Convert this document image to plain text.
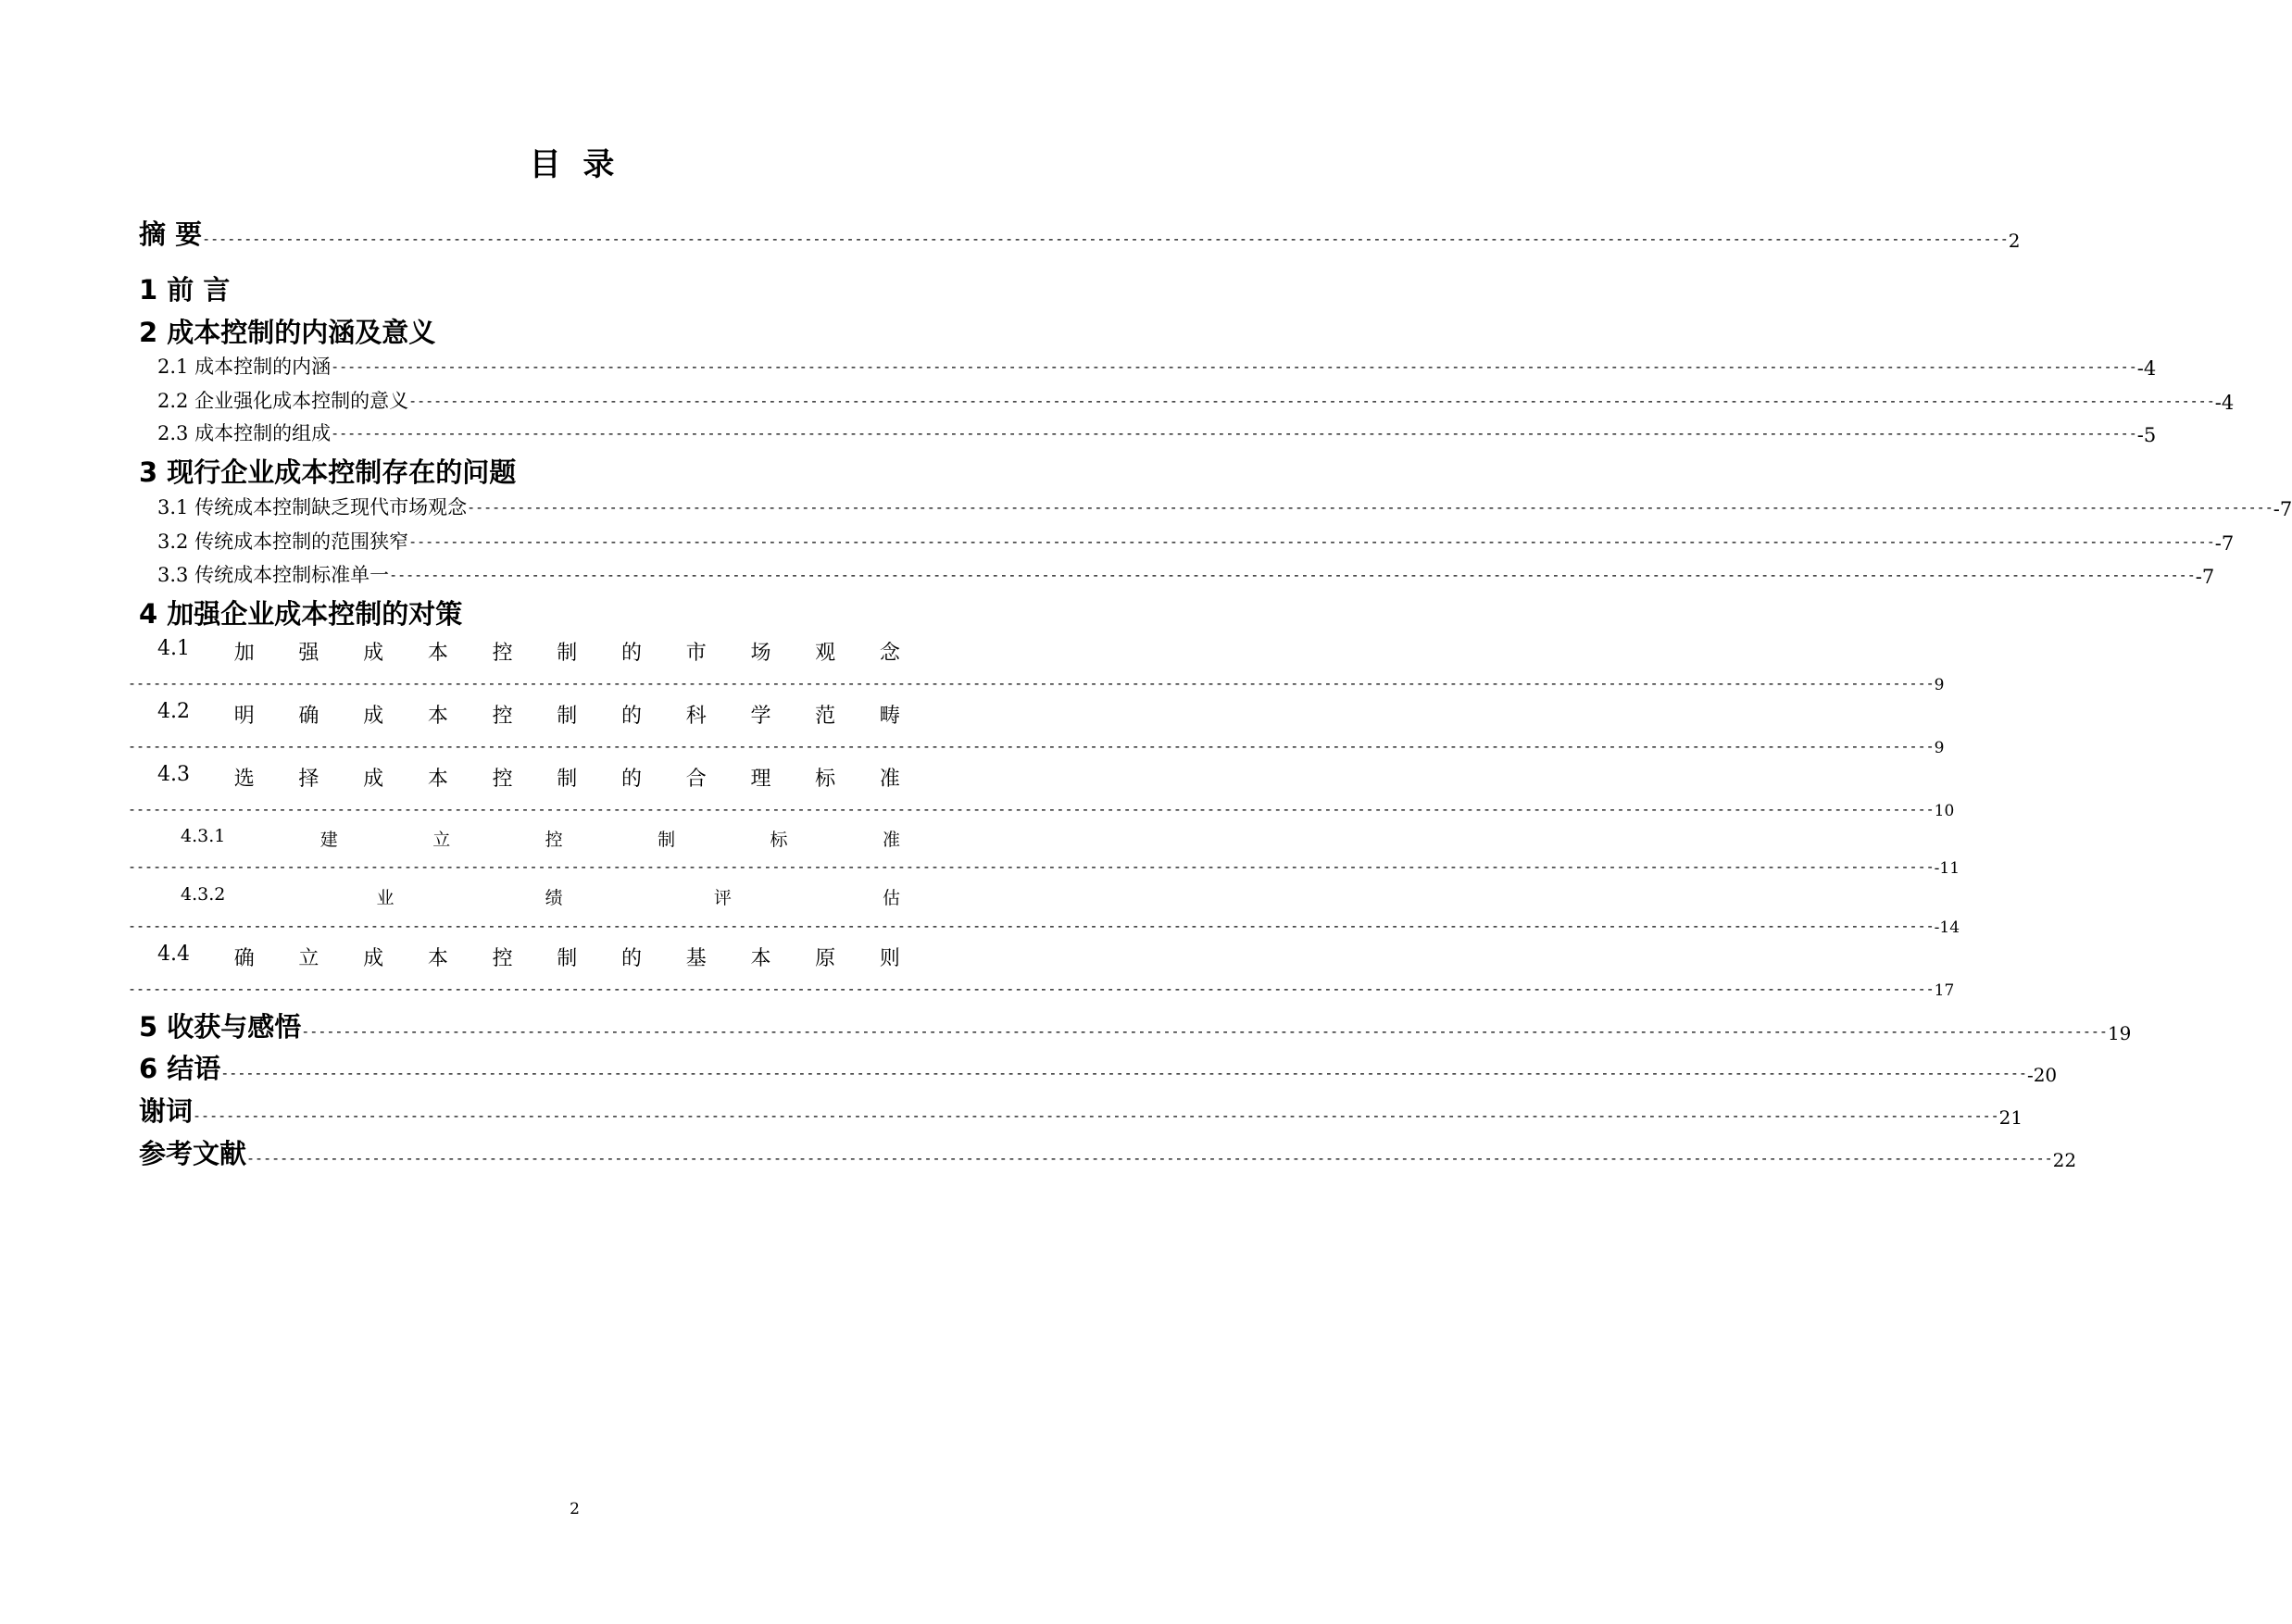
目 录
摘 要 ------------------------------------------------------------------------------------------------------------------------------------------------------------------------------------------------------------------------ 2
1 前 言
2 成本控制的内涵及意义
2.1 成本控制的内涵 ------------------------------------------------------------------------------------------------------------------------------------------------------------------------------------------------------------------------ -4
2.2 企业强化成本控制的意义 ------------------------------------------------------------------------------------------------------------------------------------------------------------------------------------------------------------------------ -4
2.3 成本控制的组成 ------------------------------------------------------------------------------------------------------------------------------------------------------------------------------------------------------------------------ -5
3 现行企业成本控制存在的问题
3.1 传统成本控制缺乏现代市场观念 ------------------------------------------------------------------------------------------------------------------------------------------------------------------------------------------------------------------------ -7
3.2 传统成本控制的范围狭窄 ------------------------------------------------------------------------------------------------------------------------------------------------------------------------------------------------------------------------ -7
3.3 传统成本控制标准单一 ------------------------------------------------------------------------------------------------------------------------------------------------------------------------------------------------------------------------ -7
4 加强企业成本控制的对策
4.1 加 强 成 本 控 制 的 市 场 观 念
------------------------------------------------------------------------------------------------------------------------------------------------------------------------------------------------------------------------ 9
4.2 明 确 成 本 控 制 的 科 学 范 畴
------------------------------------------------------------------------------------------------------------------------------------------------------------------------------------------------------------------------ 9
4.3 选 择 成 本 控 制 的 合 理 标 准
------------------------------------------------------------------------------------------------------------------------------------------------------------------------------------------------------------------------ 10
4.3.1	建	立	控	制	标	准
------------------------------------------------------------------------------------------------------------------------------------------------------------------------------------------------------------------------ -11
4.3.2	业	绩	评	估
------------------------------------------------------------------------------------------------------------------------------------------------------------------------------------------------------------------------ -14
4.4 确 立 成 本 控 制 的 基 本 原 则
------------------------------------------------------------------------------------------------------------------------------------------------------------------------------------------------------------------------ 17
5 收获与感悟 ------------------------------------------------------------------------------------------------------------------------------------------------------------------------------------------------------------------------ 19
6 结语 ------------------------------------------------------------------------------------------------------------------------------------------------------------------------------------------------------------------------ -20
谢词 ------------------------------------------------------------------------------------------------------------------------------------------------------------------------------------------------------------------------ 21
参考文献 ------------------------------------------------------------------------------------------------------------------------------------------------------------------------------------------------------------------------ 22
2
